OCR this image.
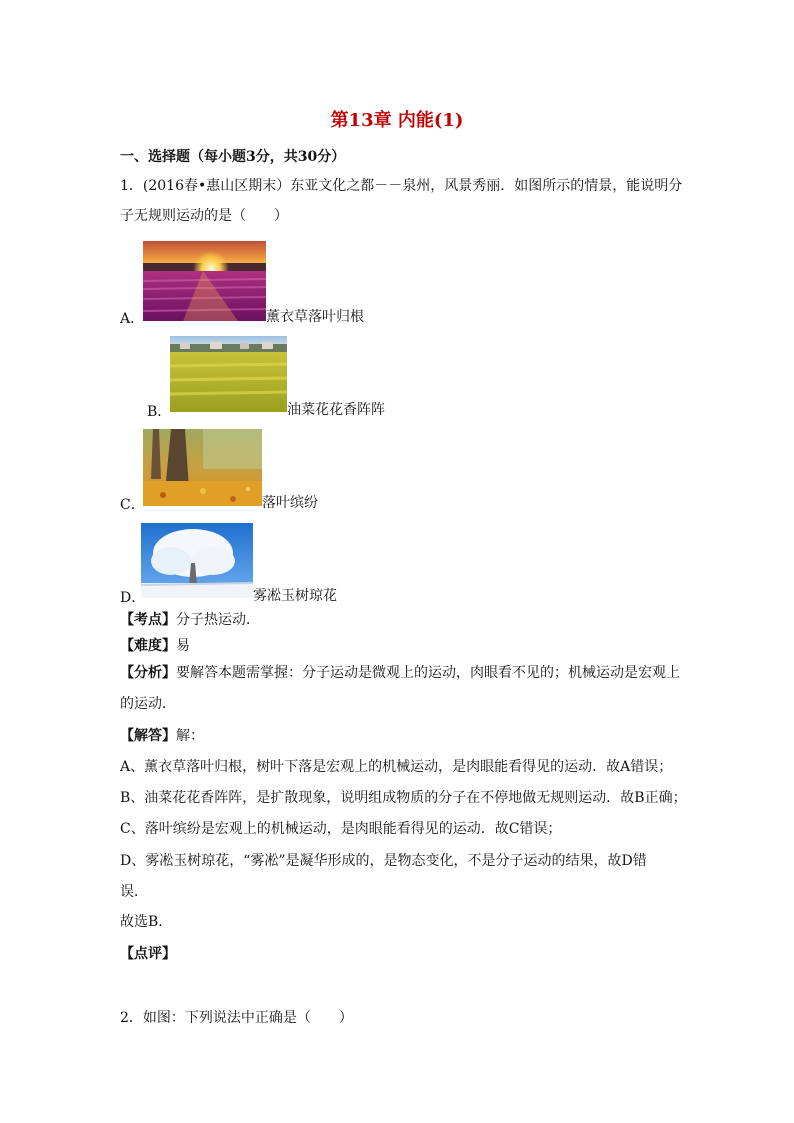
第13章 内能(1)
一、选择题（每小题3分，共30分）
1．(2016春•惠山区期末）东亚文化之都－－泉州，风景秀丽．如图所示的情景，能说明分
子无规则运动的是（　　）
A．	薰衣草落叶归根
B．	油菜花花香阵阵
C．	落叶缤纷
D．	雾凇玉树琼花
【考点】分子热运动．
【难度】易
【分析】要解答本题需掌握：分子运动是微观上的运动，肉眼看不见的；机械运动是宏观上
的运动．
【解答】解：
A、薰衣草落叶归根，树叶下落是宏观上的机械运动，是肉眼能看得见的运动．故A错误；
B、油菜花花香阵阵，是扩散现象，说明组成物质的分子在不停地做无规则运动．故B正确；
C、落叶缤纷是宏观上的机械运动，是肉眼能看得见的运动．故C错误；
D、雾凇玉树琼花，“雾凇”是凝华形成的，是物态变化，不是分子运动的结果，故D错
误．
故选B．
【点评】
2．如图：下列说法中正确是（　　）
